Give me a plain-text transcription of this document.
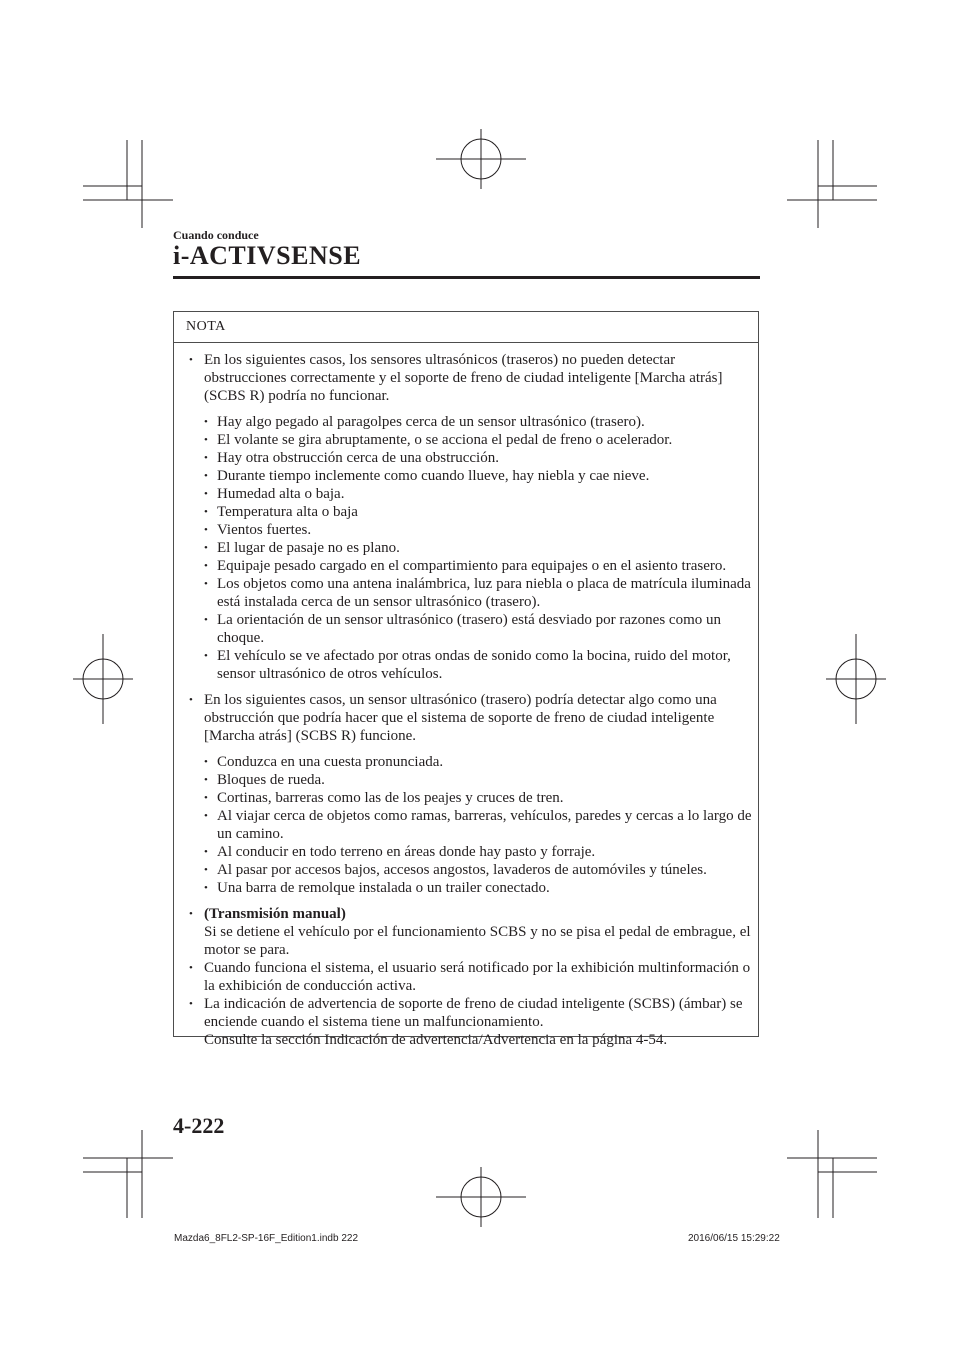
Cuando conduce
i-ACTIVSENSE
NOTA
• En los siguientes casos, los sensores ultrasónicos (traseros) no pueden detectar obstrucciones correctamente y el soporte de freno de ciudad inteligente [Marcha atrás] (SCBS R) podría no funcionar.
• Hay algo pegado al paragolpes cerca de un sensor ultrasónico (trasero).
• El volante se gira abruptamente, o se acciona el pedal de freno o acelerador.
• Hay otra obstrucción cerca de una obstrucción.
• Durante tiempo inclemente como cuando llueve, hay niebla y cae nieve.
• Humedad alta o baja.
• Temperatura alta o baja
• Vientos fuertes.
• El lugar de pasaje no es plano.
• Equipaje pesado cargado en el compartimiento para equipajes o en el asiento trasero.
• Los objetos como una antena inalámbrica, luz para niebla o placa de matrícula iluminada está instalada cerca de un sensor ultrasónico (trasero).
• La orientación de un sensor ultrasónico (trasero) está desviado por razones como un choque.
• El vehículo se ve afectado por otras ondas de sonido como la bocina, ruido del motor, sensor ultrasónico de otros vehículos.
• En los siguientes casos, un sensor ultrasónico (trasero) podría detectar algo como una obstrucción que podría hacer que el sistema de soporte de freno de ciudad inteligente [Marcha atrás] (SCBS R) funcione.
• Conduzca en una cuesta pronunciada.
• Bloques de rueda.
• Cortinas, barreras como las de los peajes y cruces de tren.
• Al viajar cerca de objetos como ramas, barreras, vehículos, paredes y cercas a lo largo de un camino.
• Al conducir en todo terreno en áreas donde hay pasto y forraje.
• Al pasar por accesos bajos, accesos angostos, lavaderos de automóviles y túneles.
• Una barra de remolque instalada o un trailer conectado.
• (Transmisión manual)
Si se detiene el vehículo por el funcionamiento SCBS y no se pisa el pedal de embrague, el motor se para.
• Cuando funciona el sistema, el usuario será notificado por la exhibición multinformación o la exhibición de conducción activa.
• La indicación de advertencia de soporte de freno de ciudad inteligente (SCBS) (ámbar) se enciende cuando el sistema tiene un malfuncionamiento.
Consulte la sección Indicación de advertencia/Advertencia en la página 4-54.
4-222
Mazda6_8FL2-SP-16F_Edition1.indb 222	2016/06/15 15:29:22
